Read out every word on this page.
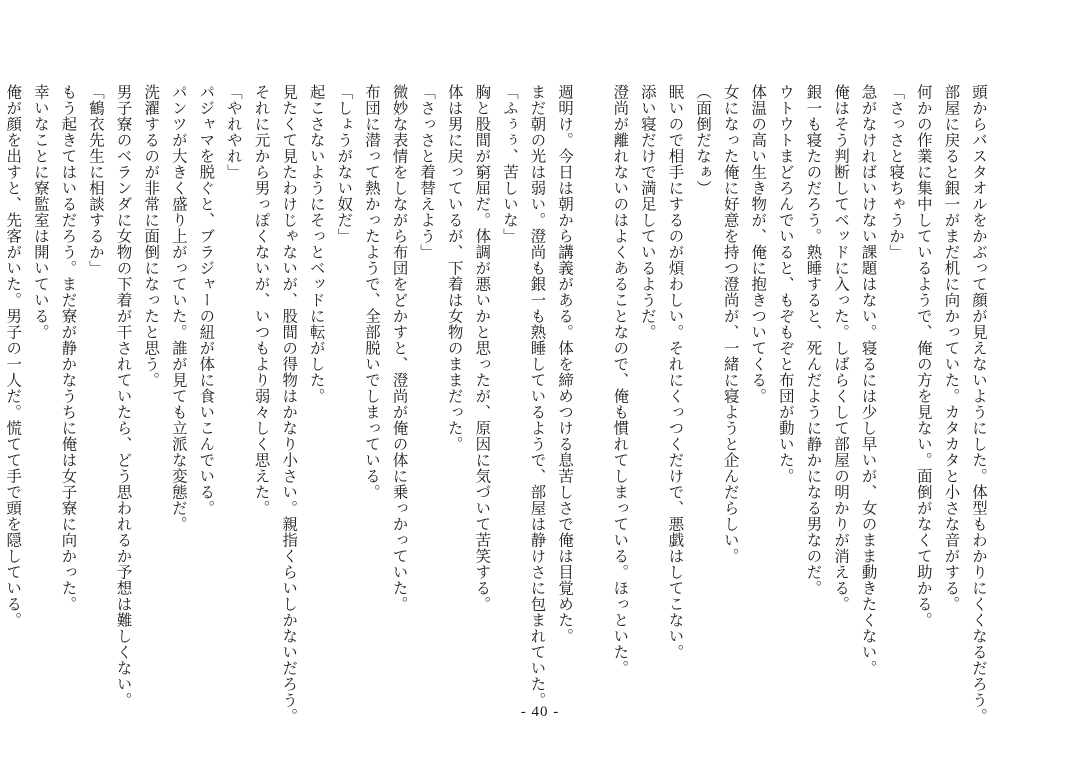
頭からバスタオルをかぶって顔が見えないようにした。体型もわかりにくくなるだろう。
部屋に戻ると銀一がまだ机に向かっていた。カタカタと小さな音がする。
何かの作業に集中しているようで、俺の方を見ない。面倒がなくて助かる。
「さっさと寝ちゃうか」
急がなければいけない課題はない。寝るには少し早いが、女のまま動きたくない。
俺はそう判断してベッドに入った。しばらくして部屋の明かりが消える。
銀一も寝たのだろう。熟睡すると、死んだように静かになる男なのだ。
ウトウトまどろんでいると、もぞもぞと布団が動いた。
体温の高い生き物が、俺に抱きついてくる。
女になった俺に好意を持つ澄尚が、一緒に寝ようと企んだらしい。
（面倒だなぁ）
眠いので相手にするのが煩わしい。それにくっつくだけで、悪戯はしてこない。
添い寝だけで満足しているようだ。
澄尚が離れないのはよくあることなので、俺も慣れてしまっている。ほっといた。

週明け。今日は朝から講義がある。体を締めつける息苦しさで俺は目覚めた。
まだ朝の光は弱い。澄尚も銀一も熟睡しているようで、部屋は静けさに包まれていた。
「ふぅぅ、苦しいな」
胸と股間が窮屈だ。体調が悪いかと思ったが、原因に気づいて苦笑する。
体は男に戻っているが、下着は女物のままだった。
「さっさと着替えよう」
微妙な表情をしながら布団をどかすと、澄尚が俺の体に乗っかっていた。
布団に潜って熱かったようで、全部脱いでしまっている。
「しょうがない奴だ」
起こさないようにそっとベッドに転がした。
見たくて見たわけじゃないが、股間の得物はかなり小さい。親指くらいしかないだろう。
それに元から男っぽくないが、いつもより弱々しく思えた。
「やれやれ」
パジャマを脱ぐと、ブラジャーの紐が体に食いこんでいる。
パンツが大きく盛り上がっていた。誰が見ても立派な変態だ。
洗濯するのが非常に面倒になったと思う。
男子寮のベランダに女物の下着が干されていたら、どう思われるか予想は難しくない。
「鶴衣先生に相談するか」
もう起きてはいるだろう。まだ寮が静かなうちに俺は女子寮に向かった。
幸いなことに寮監室は開いている。
俺が顔を出すと、先客がいた。男子の一人だ。慌てて手で頭を隠している。
- 40 -
